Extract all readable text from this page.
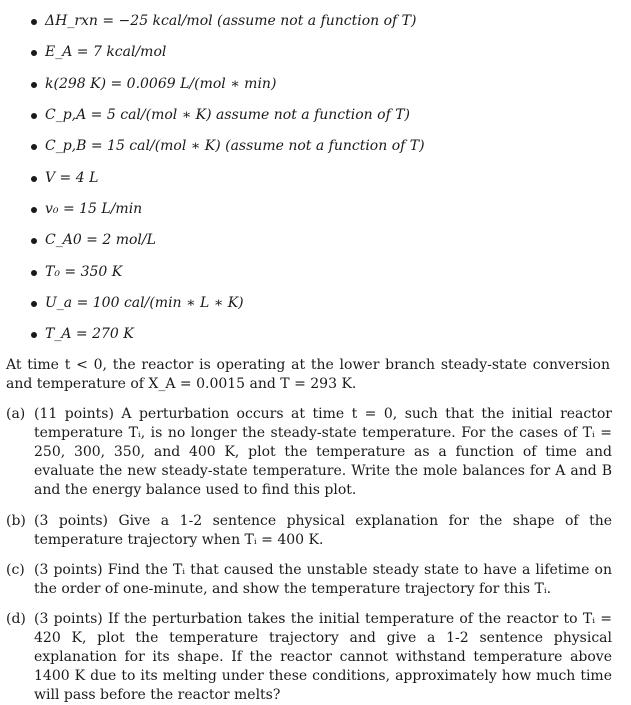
ΔH_rxn = −25 kcal/mol (assume not a function of T)
E_A = 7 kcal/mol
k(298 K) = 0.0069 L/(mol ∗ min)
C_p,A = 5 cal/(mol ∗ K) assume not a function of T)
C_p,B = 15 cal/(mol ∗ K) (assume not a function of T)
V = 4 L
v₀ = 15 L/min
C_A0 = 2 mol/L
T₀ = 350 K
U_a = 100 cal/(min ∗ L ∗ K)
T_A = 270 K

At time t < 0, the reactor is operating at the lower branch steady-state conversion and temperature of X_A = 0.0015 and T = 293 K.

(a) (11 points) A perturbation occurs at time t = 0, such that the initial reactor temperature Tᵢ, is no longer the steady-state temperature. For the cases of Tᵢ = 250, 300, 350, and 400 K, plot the temperature as a function of time and evaluate the new steady-state temperature. Write the mole balances for A and B and the energy balance used to find this plot.
(b) (3 points) Give a 1-2 sentence physical explanation for the shape of the temperature trajectory when Tᵢ = 400 K.
(c) (3 points) Find the Tᵢ that caused the unstable steady state to have a lifetime on the order of one-minute, and show the temperature trajectory for this Tᵢ.
(d) (3 points) If the perturbation takes the initial temperature of the reactor to Tᵢ = 420 K, plot the temperature trajectory and give a 1-2 sentence physical explanation for its shape. If the reactor cannot withstand temperature above 1400 K due to its melting under these conditions, approximately how much time will pass before the reactor melts?
